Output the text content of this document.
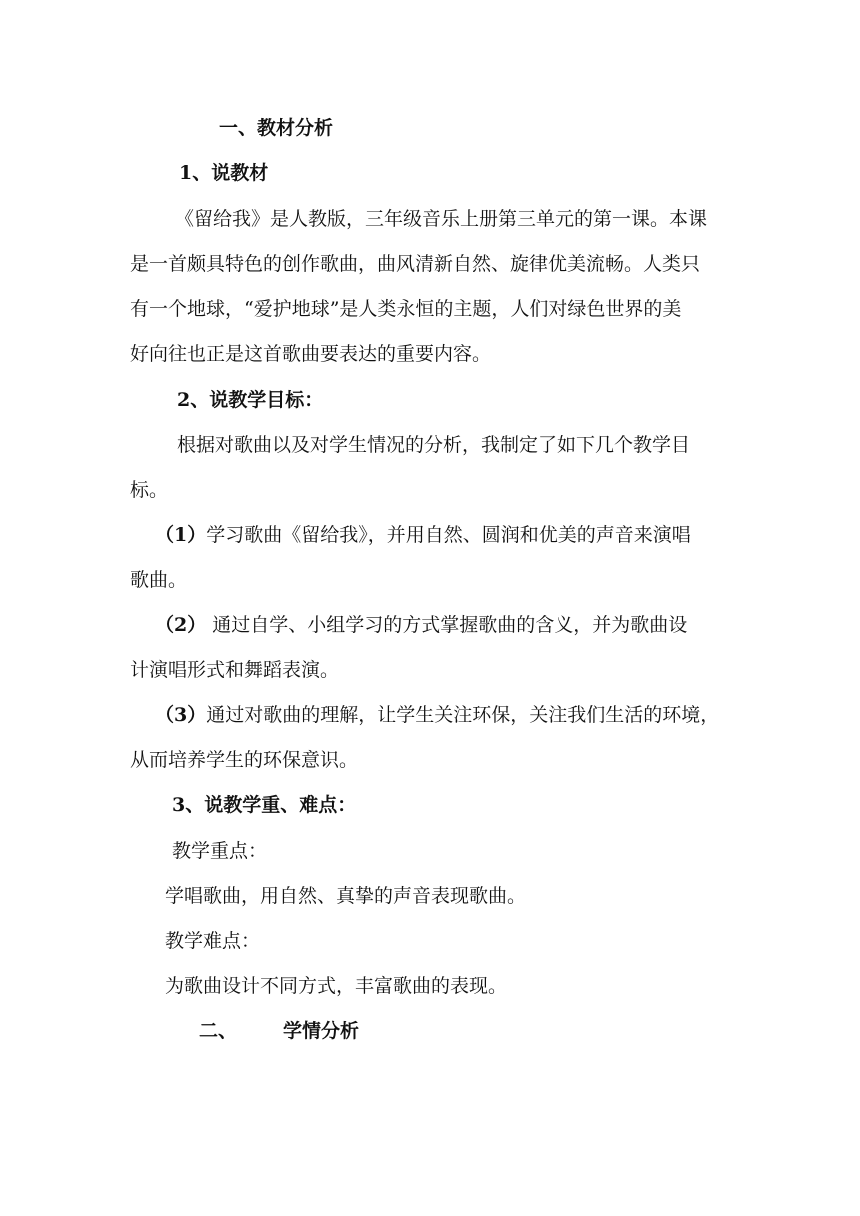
一、教材分析
1、说教材
《留给我》是人教版，三年级音乐上册第三单元的第一课。本课
是一首颇具特色的创作歌曲，曲风清新自然、旋律优美流畅。人类只
有一个地球，“爱护地球”是人类永恒的主题，人们对绿色世界的美
好向往也正是这首歌曲要表达的重要内容。
2、说教学目标：
根据对歌曲以及对学生情况的分析，我制定了如下几个教学目
标。
（1）学习歌曲《留给我》，并用自然、圆润和优美的声音来演唱
歌曲。
（2） 通过自学、小组学习的方式掌握歌曲的含义，并为歌曲设
计演唱形式和舞蹈表演。
（3）通过对歌曲的理解，让学生关注环保，关注我们生活的环境，
从而培养学生的环保意识。
3、说教学重、难点：
教学重点：
学唱歌曲，用自然、真挚的声音表现歌曲。
教学难点：
为歌曲设计不同方式，丰富歌曲的表现。
二、 学情分析
